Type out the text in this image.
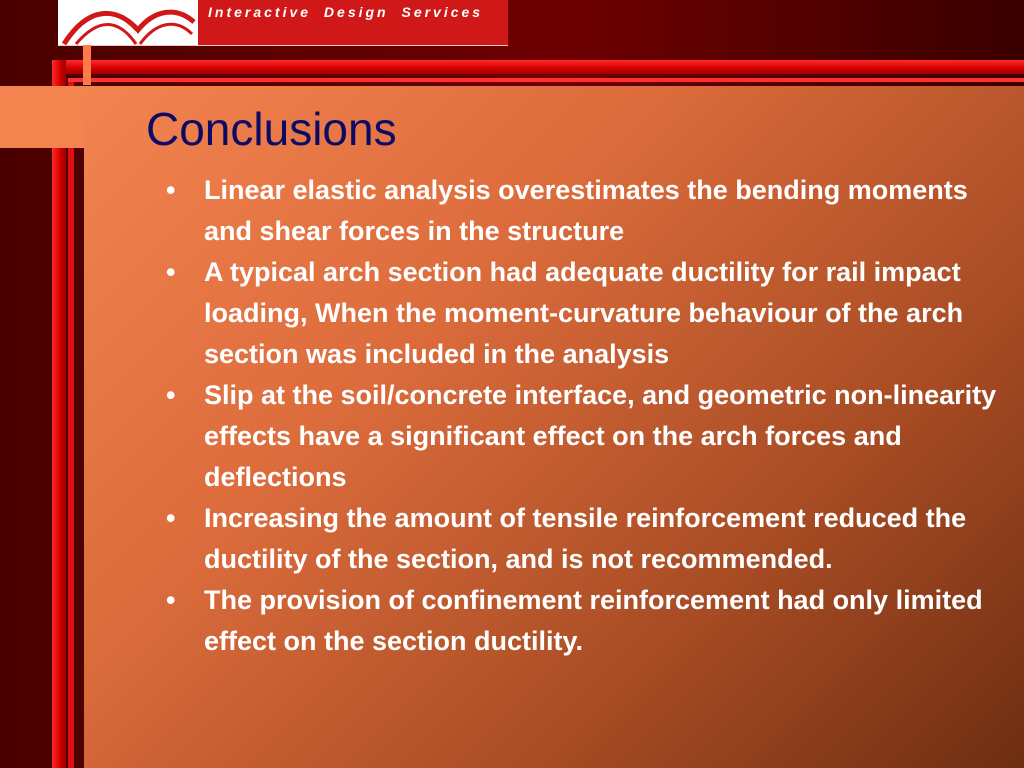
Interactive Design Services
Conclusions
• Linear elastic analysis overestimates the bending moments and shear forces in the structure
• A typical arch section had adequate ductility for rail impact loading, When the moment-curvature behaviour of the arch section was included in the analysis
• Slip at the soil/concrete interface, and geometric non-linearity effects have a significant effect on the arch forces and deflections
• Increasing the amount of tensile reinforcement reduced the ductility of the section, and is not recommended.
• The provision of confinement reinforcement had only limited effect on the section ductility.
